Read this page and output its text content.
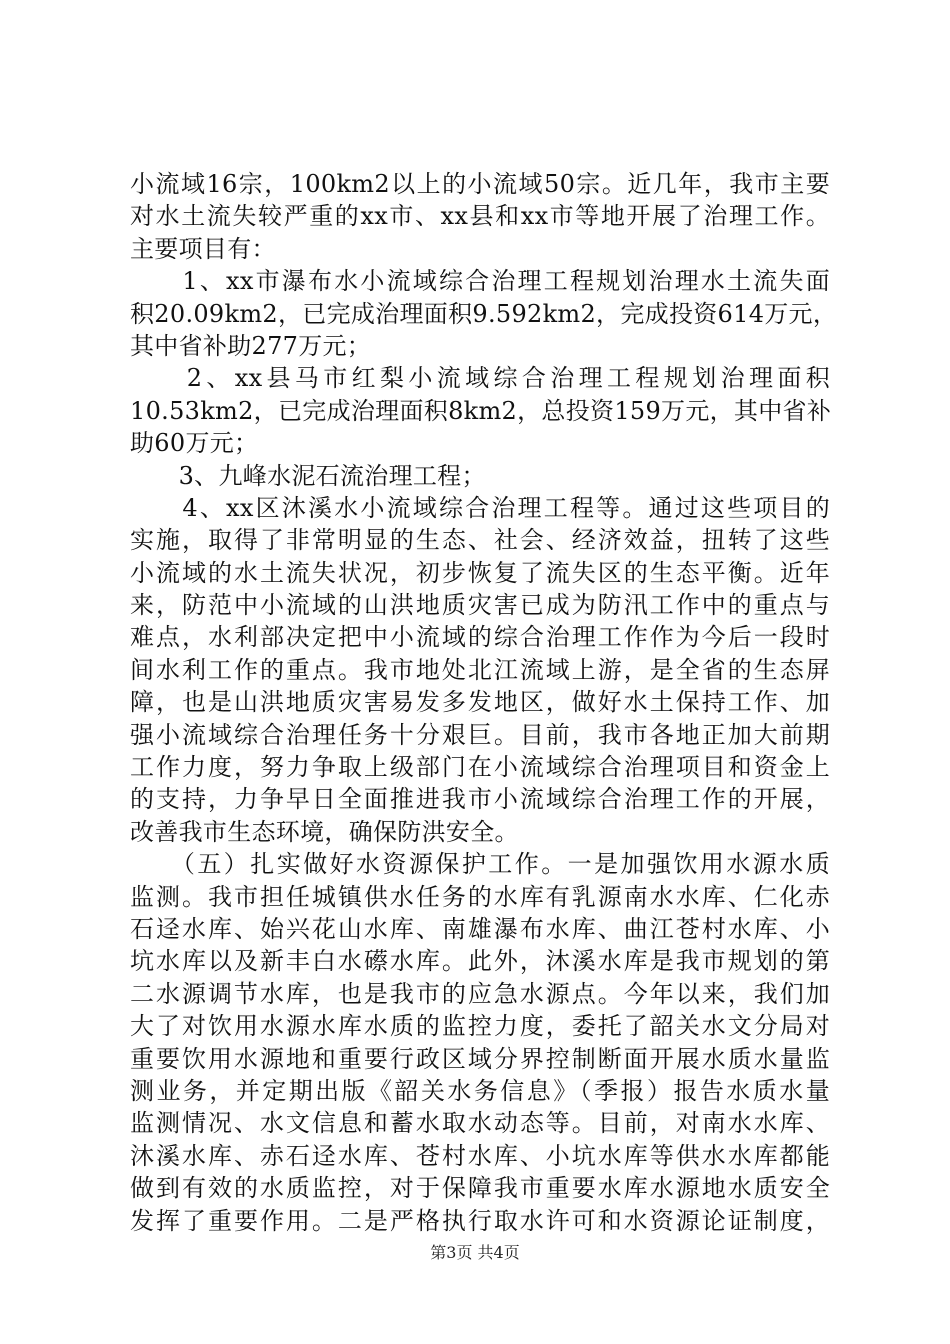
小流域16宗，100km2以上的小流域50宗。近几年，我市主要
对水土流失较严重的xx市、xx县和xx市等地开展了治理工作。
主要项目有：
　　1、xx市瀑布水小流域综合治理工程规划治理水土流失面
积20.09km2，已完成治理面积9.592km2，完成投资614万元，
其中省补助277万元；
　　2、xx县马市红梨小流域综合治理工程规划治理面积
10.53km2，已完成治理面积8km2，总投资159万元，其中省补
助60万元；
　　3、九峰水泥石流治理工程；
　　4、xx区沐溪水小流域综合治理工程等。通过这些项目的
实施，取得了非常明显的生态、社会、经济效益，扭转了这些
小流域的水土流失状况，初步恢复了流失区的生态平衡。近年
来，防范中小流域的山洪地质灾害已成为防汛工作中的重点与
难点，水利部决定把中小流域的综合治理工作作为今后一段时
间水利工作的重点。我市地处北江流域上游，是全省的生态屏
障，也是山洪地质灾害易发多发地区，做好水土保持工作、加
强小流域综合治理任务十分艰巨。目前，我市各地正加大前期
工作力度，努力争取上级部门在小流域综合治理项目和资金上
的支持，力争早日全面推进我市小流域综合治理工作的开展，
改善我市生态环境，确保防洪安全。
　　（五）扎实做好水资源保护工作。一是加强饮用水源水质
监测。我市担任城镇供水任务的水库有乳源南水水库、仁化赤
石迳水库、始兴花山水库、南雄瀑布水库、曲江苍村水库、小
坑水库以及新丰白水礤水库。此外，沐溪水库是我市规划的第
二水源调节水库，也是我市的应急水源点。今年以来，我们加
大了对饮用水源水库水质的监控力度，委托了韶关水文分局对
重要饮用水源地和重要行政区域分界控制断面开展水质水量监
测业务，并定期出版《韶关水务信息》（季报）报告水质水量
监测情况、水文信息和蓄水取水动态等。目前，对南水水库、
沐溪水库、赤石迳水库、苍村水库、小坑水库等供水水库都能
做到有效的水质监控，对于保障我市重要水库水源地水质安全
发挥了重要作用。二是严格执行取水许可和水资源论证制度，
第3页 共4页
